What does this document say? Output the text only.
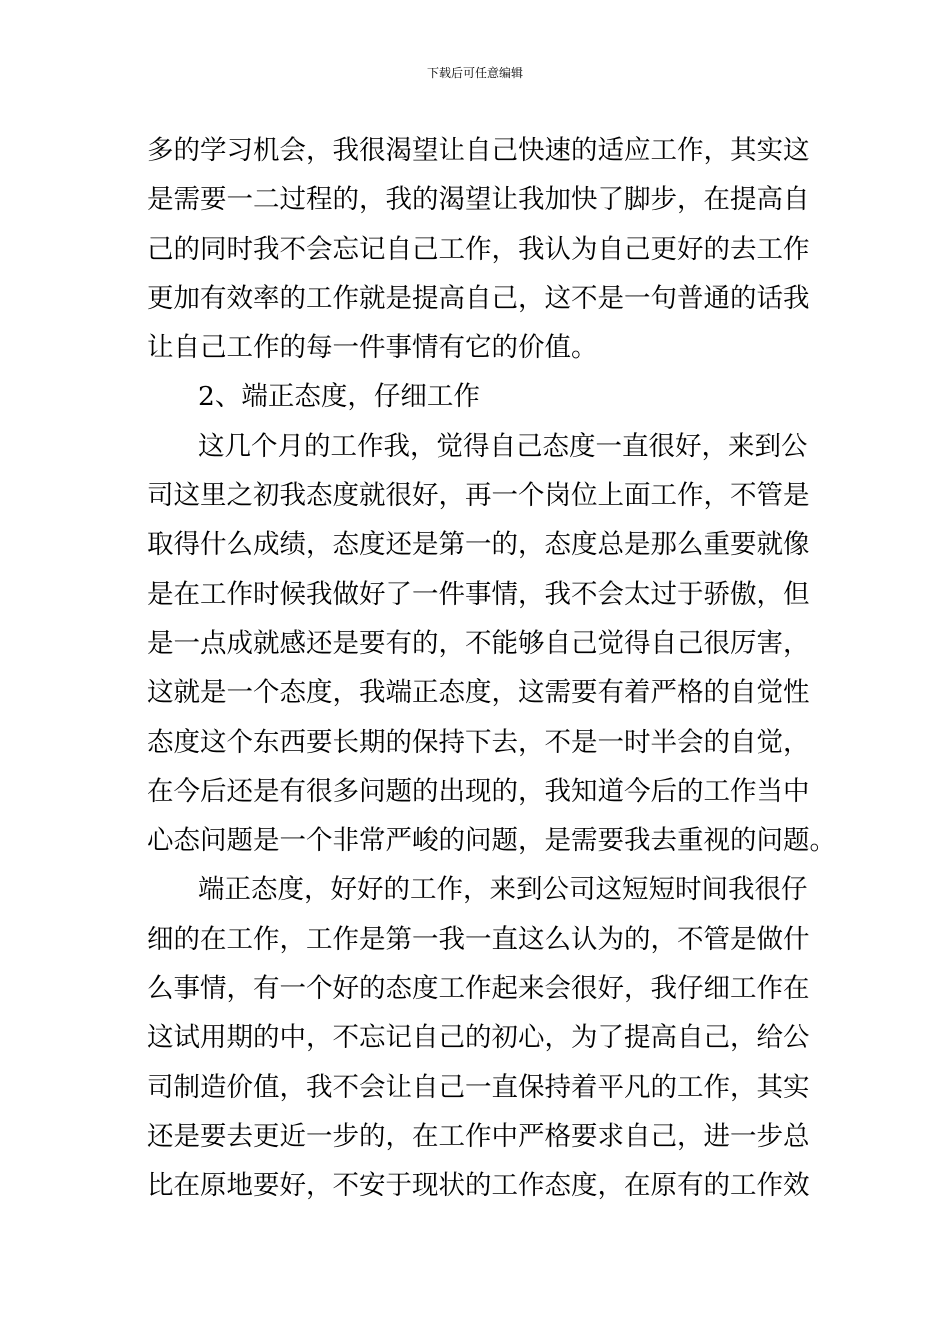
下载后可任意编辑
多的学习机会，我很渴望让自己快速的适应工作，其实这
是需要一二过程的，我的渴望让我加快了脚步，在提高自
己的同时我不会忘记自己工作，我认为自己更好的去工作
更加有效率的工作就是提高自己，这不是一句普通的话我
让自己工作的每一件事情有它的价值。
2、端正态度，仔细工作
这几个月的工作我，觉得自己态度一直很好，来到公
司这里之初我态度就很好，再一个岗位上面工作，不管是
取得什么成绩，态度还是第一的，态度总是那么重要就像
是在工作时候我做好了一件事情，我不会太过于骄傲，但
是一点成就感还是要有的，不能够自己觉得自己很厉害，
这就是一个态度，我端正态度，这需要有着严格的自觉性
态度这个东西要长期的保持下去，不是一时半会的自觉，
在今后还是有很多问题的出现的，我知道今后的工作当中
心态问题是一个非常严峻的问题，是需要我去重视的问题。
端正态度，好好的工作，来到公司这短短时间我很仔
细的在工作，工作是第一我一直这么认为的，不管是做什
么事情，有一个好的态度工作起来会很好，我仔细工作在
这试用期的中，不忘记自己的初心，为了提高自己，给公
司制造价值，我不会让自己一直保持着平凡的工作，其实
还是要去更近一步的，在工作中严格要求自己，进一步总
比在原地要好，不安于现状的工作态度，在原有的工作效
